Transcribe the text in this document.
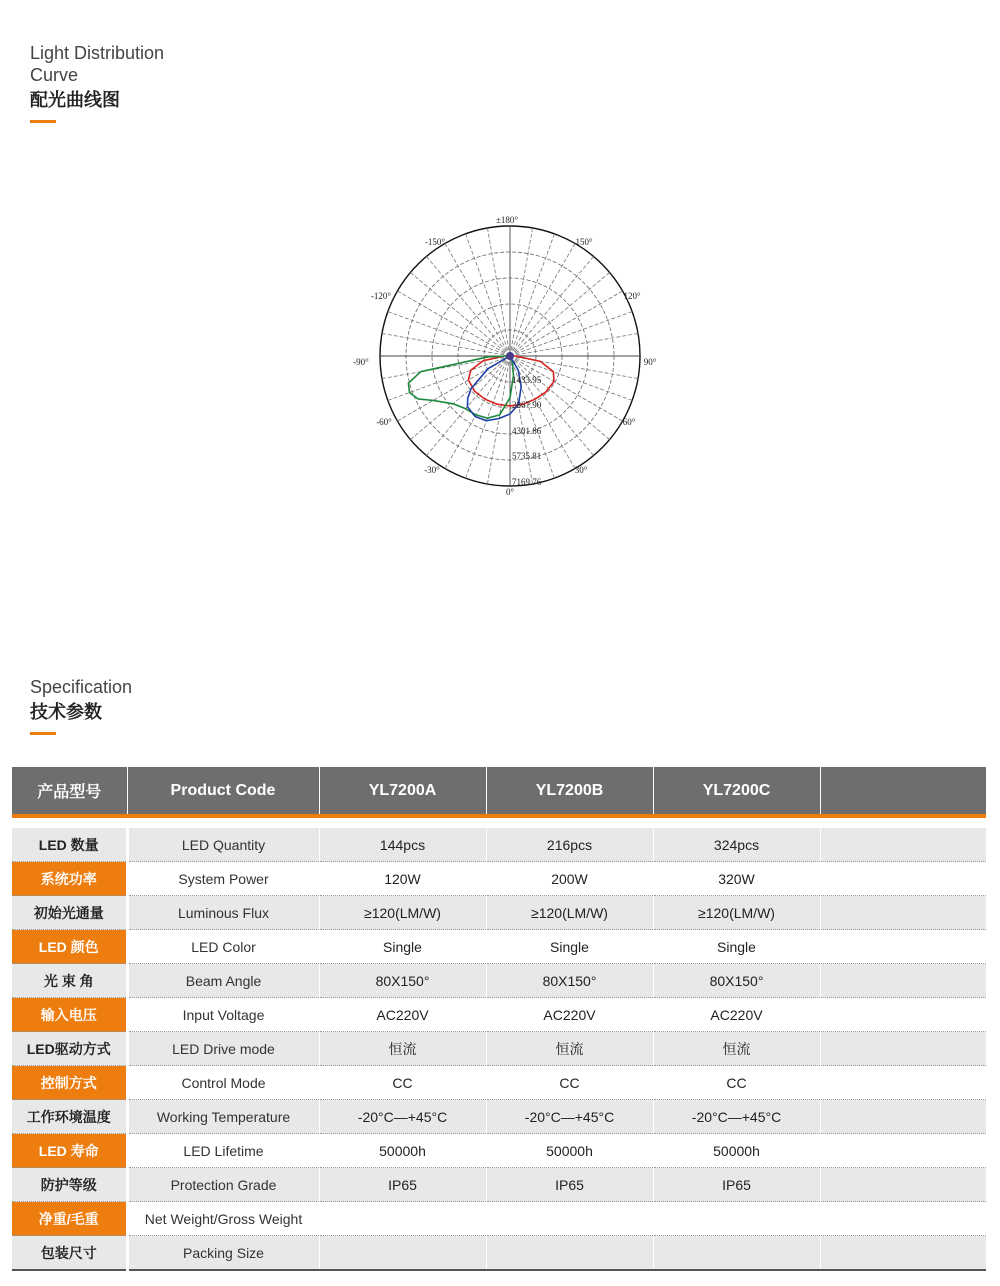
Light Distribution
Curve
配光曲线图
±180°
-150°	150°
-120°	120°
-90°	90°
-60°	60°
-30°	30°
0°
1433.95
2867.90
4301.86
5735.81
7169.76
Specification
技术参数
产品型号	Product Code	YL7200A	YL7200B	YL7200C	

LED 数量	LED Quantity	144pcs	216pcs	324pcs	
系统功率	System Power	120W	200W	320W	
初始光通量	Luminous Flux	≥120(LM/W)	≥120(LM/W)	≥120(LM/W)	
LED 颜色	LED Color	Single	Single	Single	
光 束 角	Beam Angle	80X150°	80X150°	80X150°	
输入电压	Input Voltage	AC220V	AC220V	AC220V	
LED驱动方式	LED Drive mode	恒流	恒流	恒流	
控制方式	Control Mode	CC	CC	CC	
工作环境温度	Working Temperature	-20°C—+45°C	-20°C—+45°C	-20°C—+45°C	
LED 寿命	LED Lifetime	50000h	50000h	50000h	
防护等级	Protection Grade	IP65	IP65	IP65	
净重/毛重	Net Weight/Gross Weight				
包装尺寸	Packing Size				
